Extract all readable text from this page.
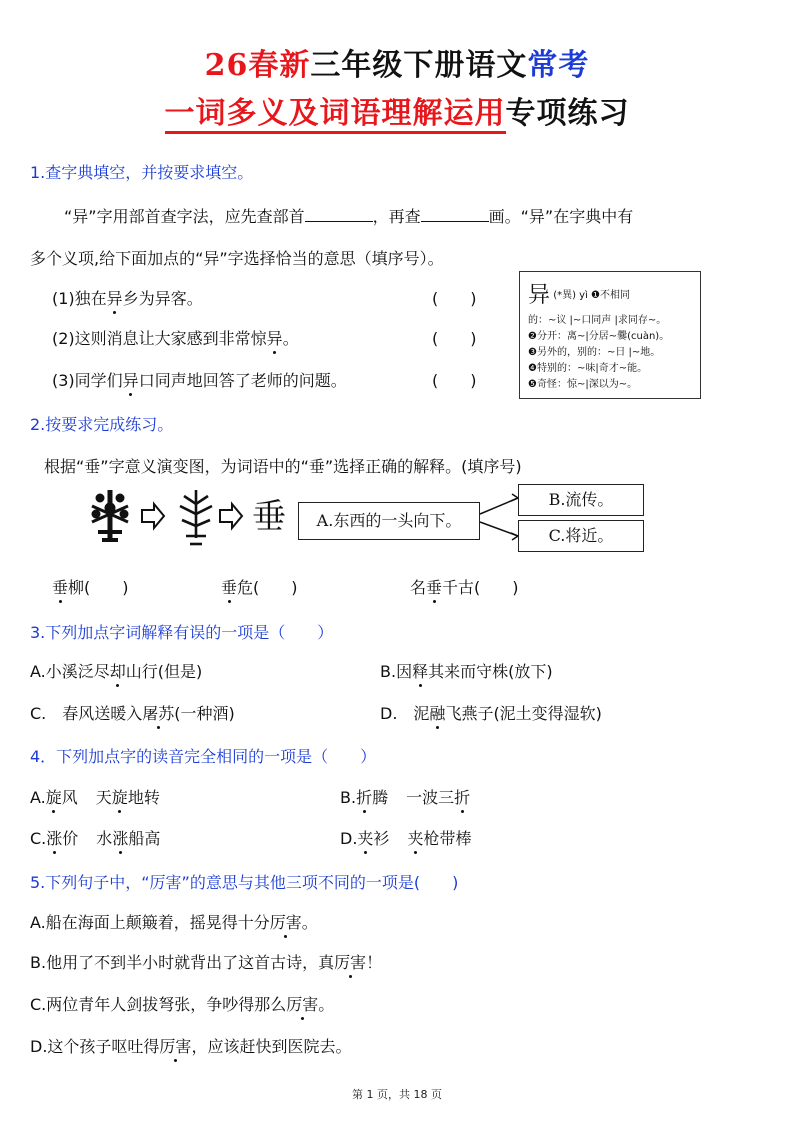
26春新三年级下册语文常考
一词多义及词语理解运用专项练习
1.查字典填空，并按要求填空。
“异”字用部首查字法，应先查部首	，再查	画。“异”在字典中有
多个义项,给下面加点的“异”字选择恰当的意思（填序号）。
(1)独在异乡为异客。	(　　)
(2)这则消息让大家感到非常惊异。	(　　)
(3)同学们异口同声地回答了老师的问题。	(　　)
异 (*異) yì ❶不相同
的：~议 |~口同声 |求同存~。
❷分开：离~|分居~爨(cuàn)。
❸另外的，别的：~日 |~地。
❹特别的：~味|奇才~能。
❺奇怪：惊~|深以为~。
2.按要求完成练习。
根据“垂”字意义演变图，为词语中的“垂”选择正确的解释。(填序号)
垂	A.东西的一头向下。
B.流传。
C.将近。
垂柳(　　)	垂危(　　)	名垂千古(　　)
3.下列加点字词解释有误的一项是（　　）
A.小溪泛尽却山行(但是)	B.因释其来而守株(放下)
C.　春风送暖入屠苏(一种酒)	D.　泥融飞燕子(泥土变得湿软)
4．下列加点字的读音完全相同的一项是（　　）
A.旋风 天旋地转	B.折腾 一波三折
C.涨价 水涨船高	D.夹衫 夹枪带棒
5.下列句子中，“厉害”的意思与其他三项不同的一项是(　　)
A.船在海面上颠簸着，摇晃得十分厉害。
B.他用了不到半小时就背出了这首古诗，真厉害！
C.两位青年人剑拔弩张，争吵得那么厉害。
D.这个孩子呕吐得厉害，应该赶快到医院去。
第 1 页，共 18 页
